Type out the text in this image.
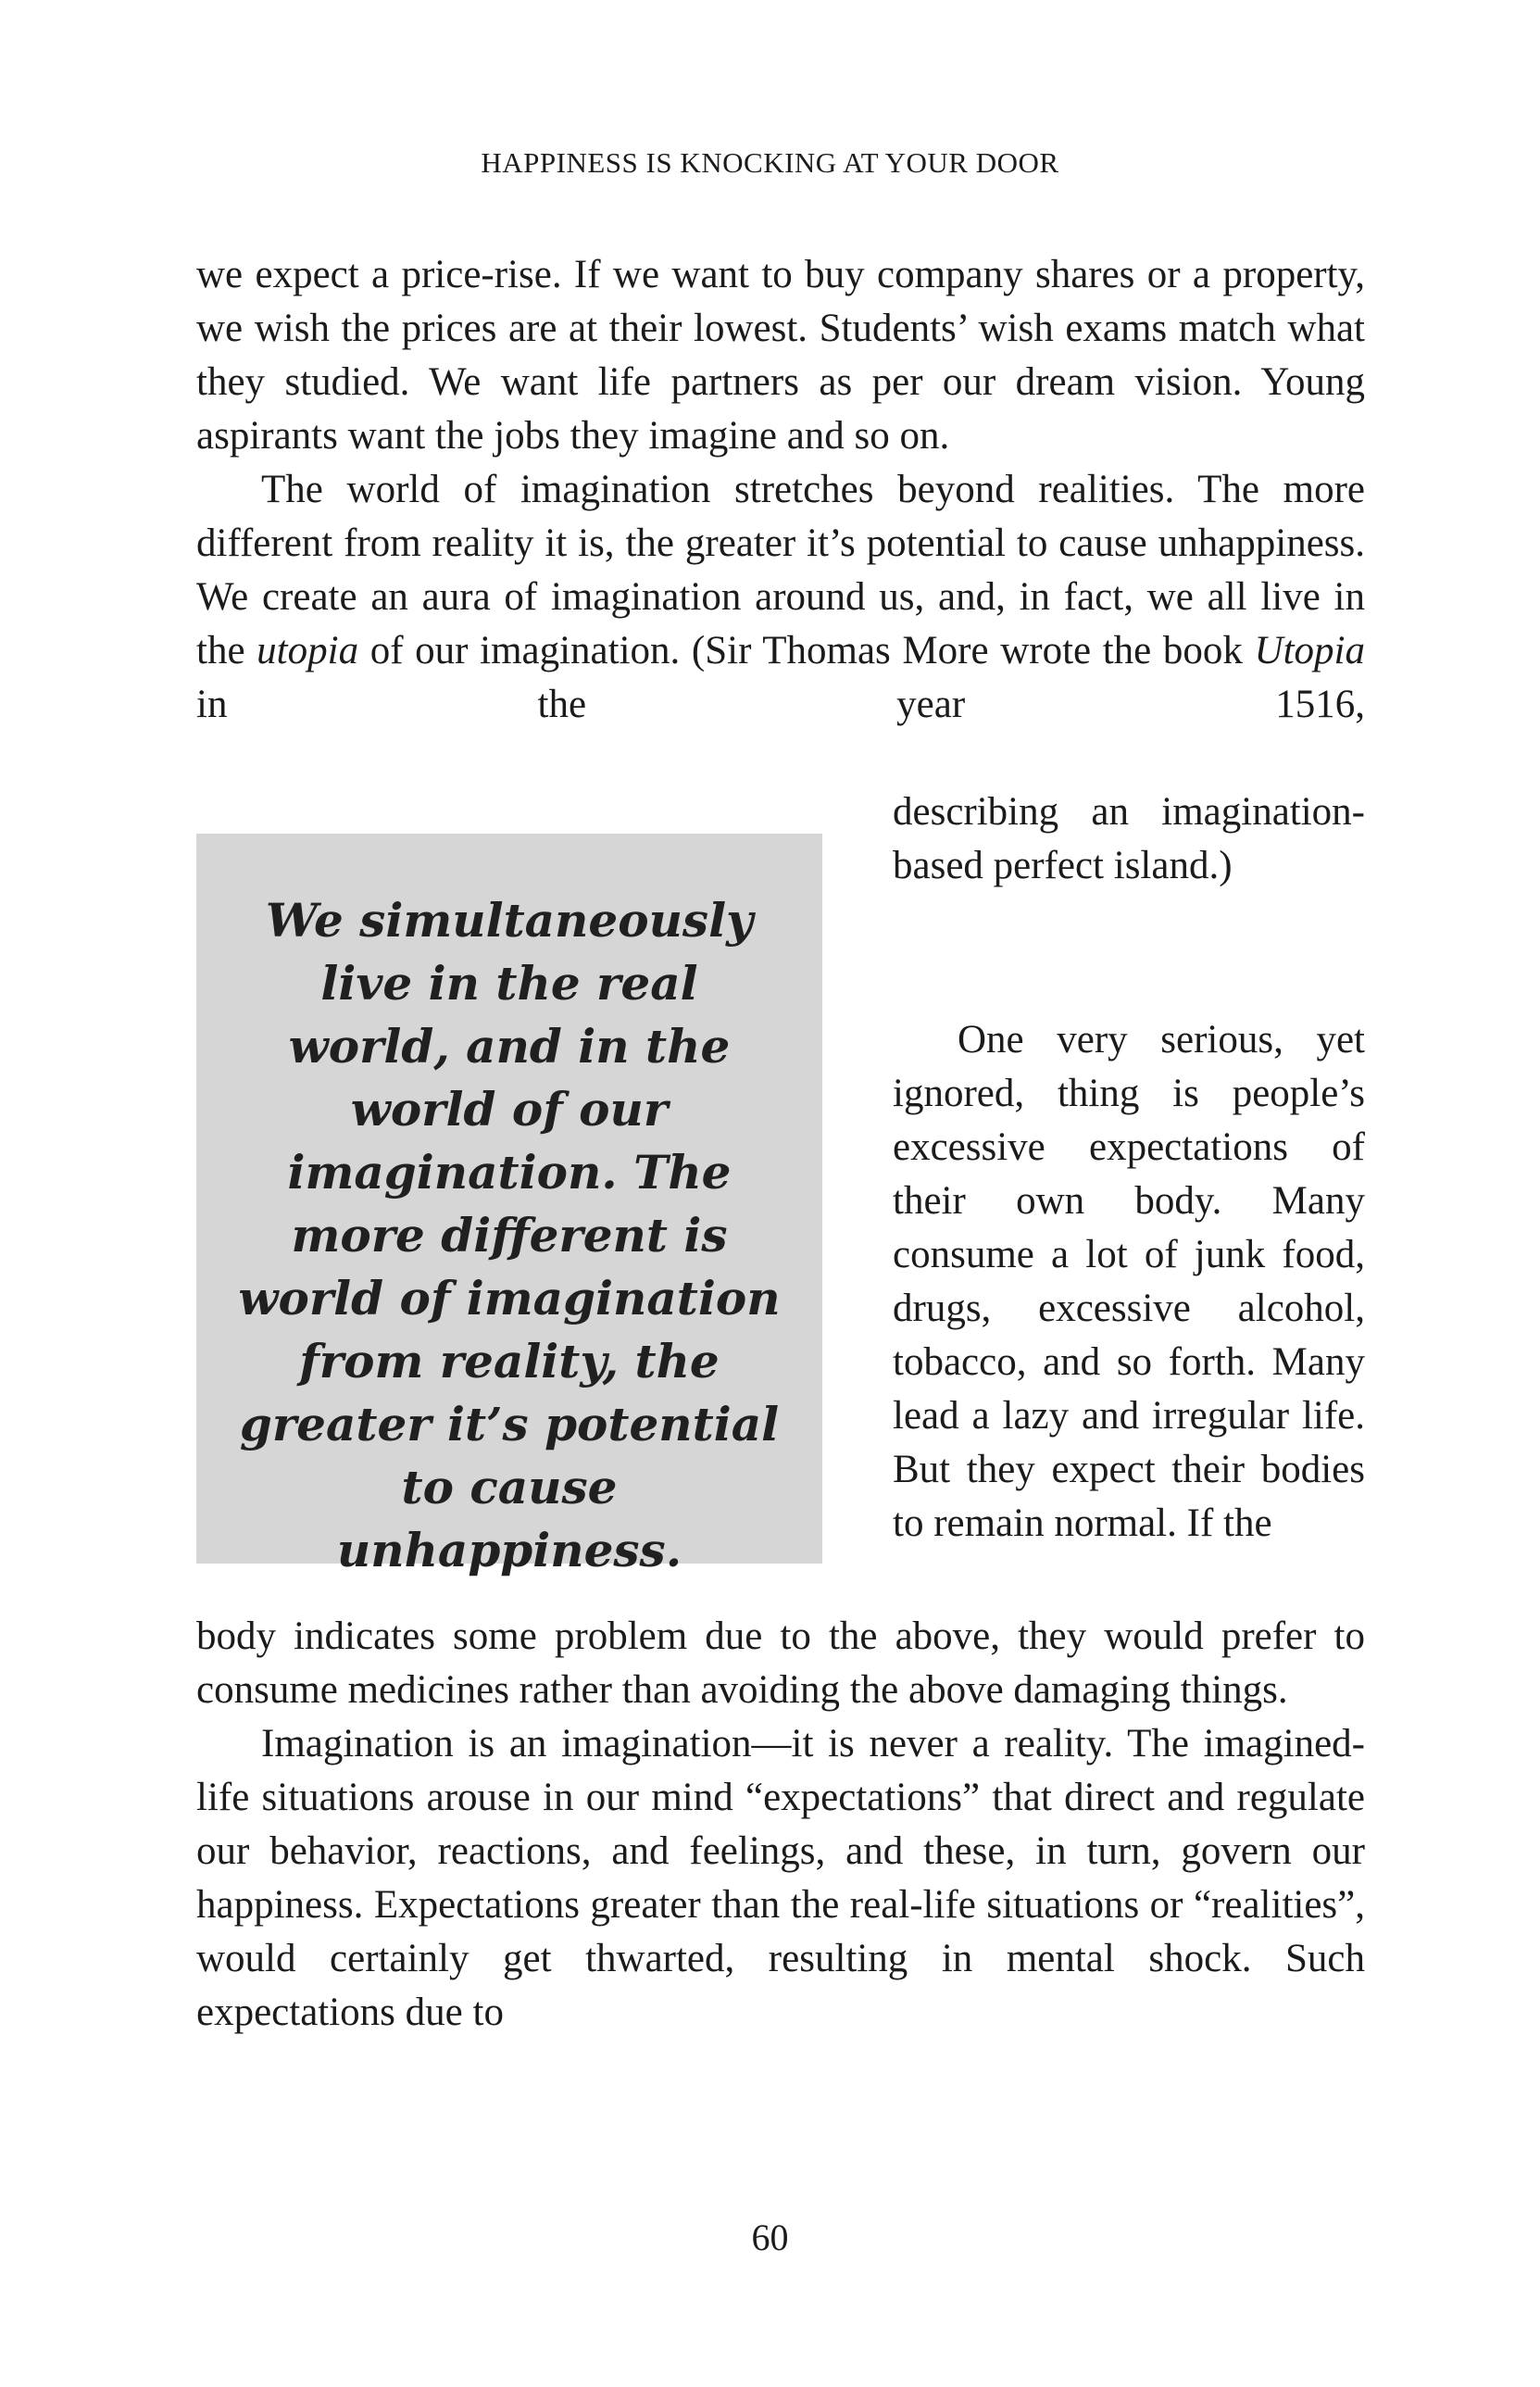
HAPPINESS IS KNOCKING AT YOUR DOOR

we expect a price-rise. If we want to buy company shares or a property, we wish the prices are at their lowest. Students’ wish exams match what they studied. We want life partners as per our dream vision. Young aspirants want the jobs they imagine and so on.

The world of imagination stretches beyond realities. The more different from reality it is, the greater it’s potential to cause unhappiness. We create an aura of imagination around us, and, in fact, we all live in the utopia of our imagination. (Sir Thomas More wrote the book Utopia in the year 1516,

We simultaneously live in the real world, and in the world of our imagination. The more different is world of imagination from reality, the greater it’s potential to cause unhappiness.

describing an imagination-based perfect island.)

One very serious, yet ignored, thing is people’s excessive expectations of their own body. Many consume a lot of junk food, drugs, excessive alcohol, tobacco, and so forth. Many lead a lazy and irregular life. But they expect their bodies to remain normal. If the

body indicates some problem due to the above, they would prefer to consume medicines rather than avoiding the above damaging things.

Imagination is an imagination—it is never a reality. The imagined-life situations arouse in our mind “expectations” that direct and regulate our behavior, reactions, and feelings, and these, in turn, govern our happiness. Expectations greater than the real-life situations or “realities”, would certainly get thwarted, resulting in mental shock. Such expectations due to

60
